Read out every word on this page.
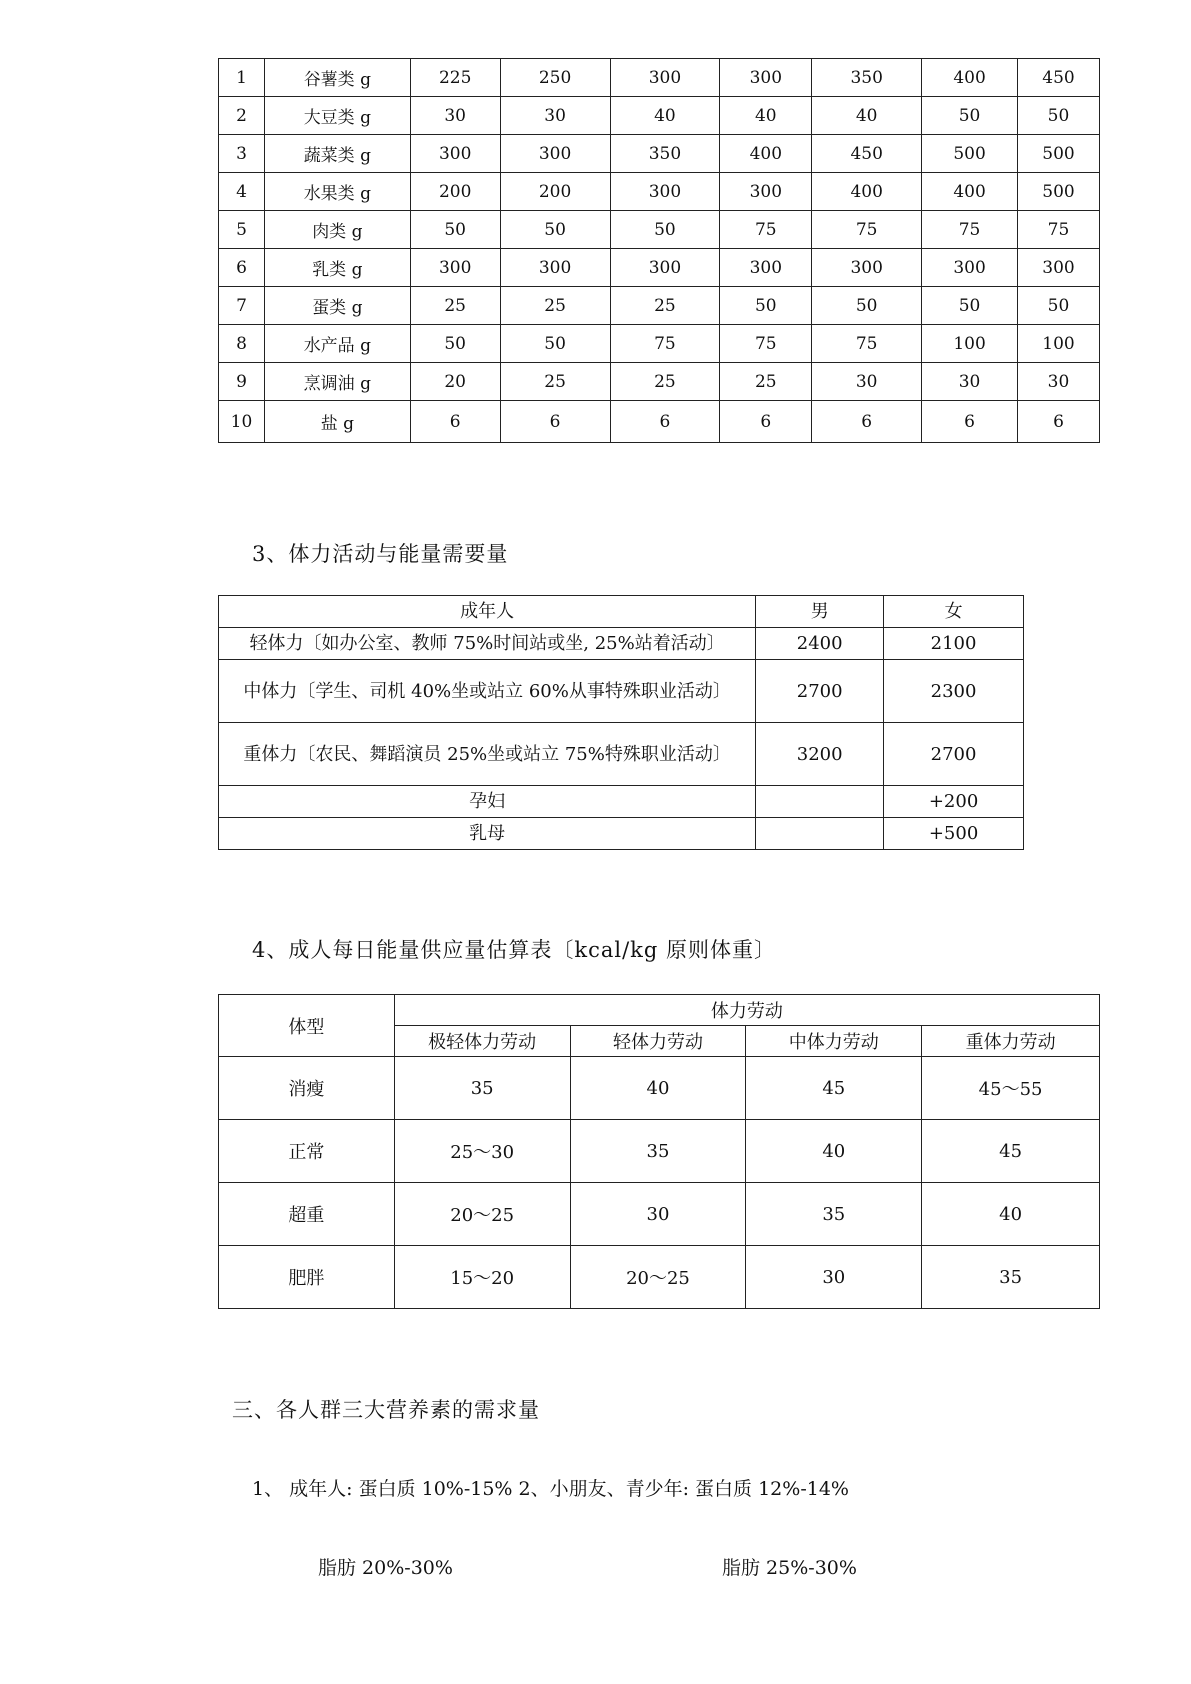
1	谷薯类 g	225	250	300	300	350	400	450
2	大豆类 g	30	30	40	40	40	50	50
3	蔬菜类 g	300	300	350	400	450	500	500
4	水果类 g	200	200	300	300	400	400	500
5	肉类 g	50	50	50	75	75	75	75
6	乳类 g	300	300	300	300	300	300	300
7	蛋类 g	25	25	25	50	50	50	50
8	水产品 g	50	50	75	75	75	100	100
9	烹调油 g	20	25	25	25	30	30	30
10	盐 g	6	6	6	6	6	6	6
3、体力活动与能量需要量
成年人	男	女
轻体力〔如办公室、教师 75%时间站或坐, 25%站着活动〕	2400	2100
中体力〔学生、司机 40%坐或站立 60%从事特殊职业活动〕	2700	2300
重体力〔农民、舞蹈演员 25%坐或站立 75%特殊职业活动〕	3200	2700
孕妇		+200
乳母		+500
4、成人每日能量供应量估算表〔kcal/kg 原则体重〕
体型	体力劳动			
	极轻体力劳动	轻体力劳动	中体力劳动	重体力劳动
消瘦	35	40	45	45～55
正常	25～30	35	40	45
超重	20～25	30	35	40
肥胖	15～20	20～25	30	35
三、各人群三大营养素的需求量
1、 成年人: 蛋白质 10%-15% 2、小朋友、青少年: 蛋白质 12%-14%
脂肪 20%-30%	脂肪 25%-30%
